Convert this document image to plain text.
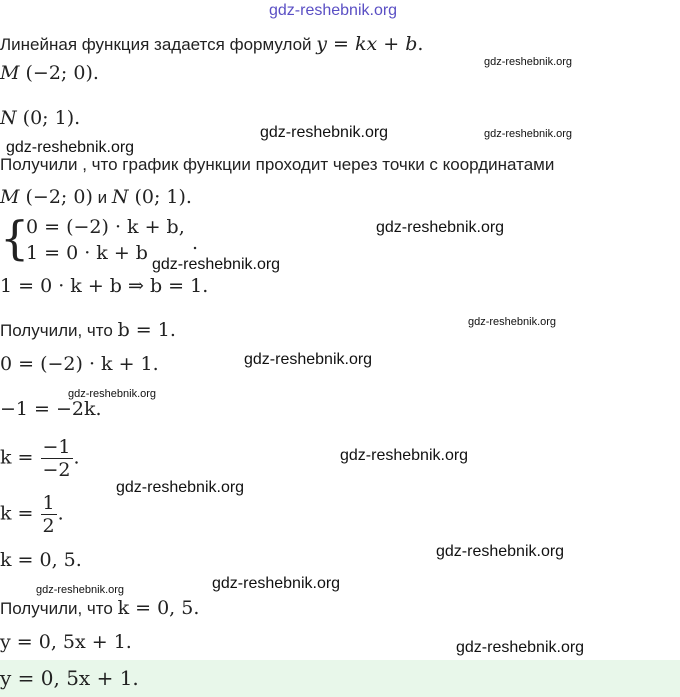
gdz-reshebnik.org
Линейная функция задается формулой y = kx + b.
gdz-reshebnik.org
M (−2; 0).
N (0; 1).
gdz-reshebnik.org	gdz-reshebnik.org
gdz-reshebnik.org
Получили , что график функции проходит через точки с координатами
M (−2; 0) и N (0; 1).
{
0 = (−2) · k + b,
1 = 0 · k + b .
gdz-reshebnik.org
gdz-reshebnik.org
1 = 0 · k + b ⇒ b = 1.
Получили, что b = 1.	gdz-reshebnik.org
0 = (−2) · k + 1.	gdz-reshebnik.org
gdz-reshebnik.org
−1 = −2k.
$k = \frac{-1}{-2}$ .	gdz-reshebnik.org
gdz-reshebnik.org
$k = \frac{1}{2}$ .
k = 0, 5.	gdz-reshebnik.org
gdz-reshebnik.org
gdz-reshebnik.org
Получили, что k = 0, 5.
y = 0, 5x + 1.	gdz-reshebnik.org
y = 0, 5x + 1.
